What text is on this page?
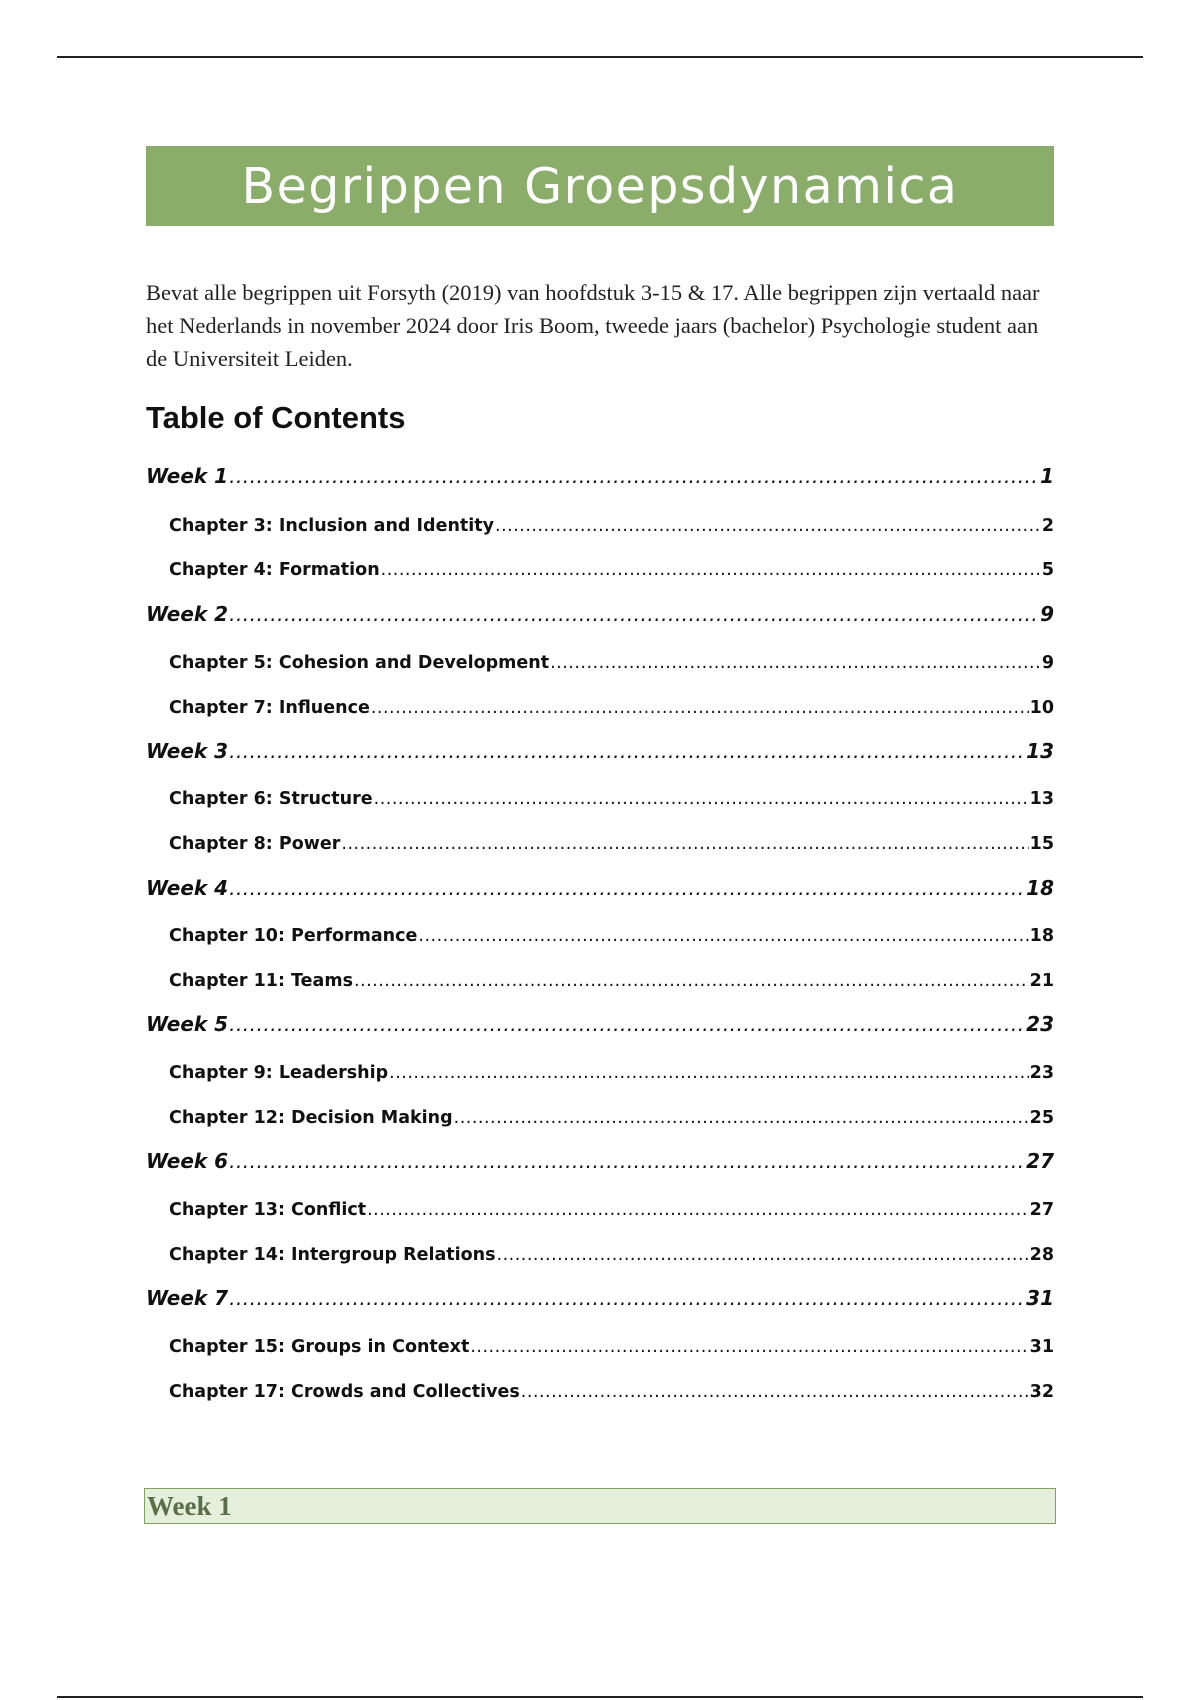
Begrippen Groepsdynamica

Bevat alle begrippen uit Forsyth (2019) van hoofdstuk 3-15 & 17. Alle begrippen zijn vertaald naar het Nederlands in november 2024 door Iris Boom, tweede jaars (bachelor) Psychologie student aan de Universiteit Leiden.

Table of Contents
Week 1 .....	1
Chapter 3: Inclusion and Identity .....	2
Chapter 4: Formation .....	5
Week 2 .....	9
Chapter 5: Cohesion and Development .....	9
Chapter 7: Influence .....	10
Week 3 .....	13
Chapter 6: Structure .....	13
Chapter 8: Power .....	15
Week 4 .....	18
Chapter 10: Performance .....	18
Chapter 11: Teams .....	21
Week 5 .....	23
Chapter 9: Leadership .....	23
Chapter 12: Decision Making .....	25
Week 6 .....	27
Chapter 13: Conflict .....	27
Chapter 14: Intergroup Relations .....	28
Week 7 .....	31
Chapter 15: Groups in Context .....	31
Chapter 17: Crowds and Collectives .....	32
Week 1
